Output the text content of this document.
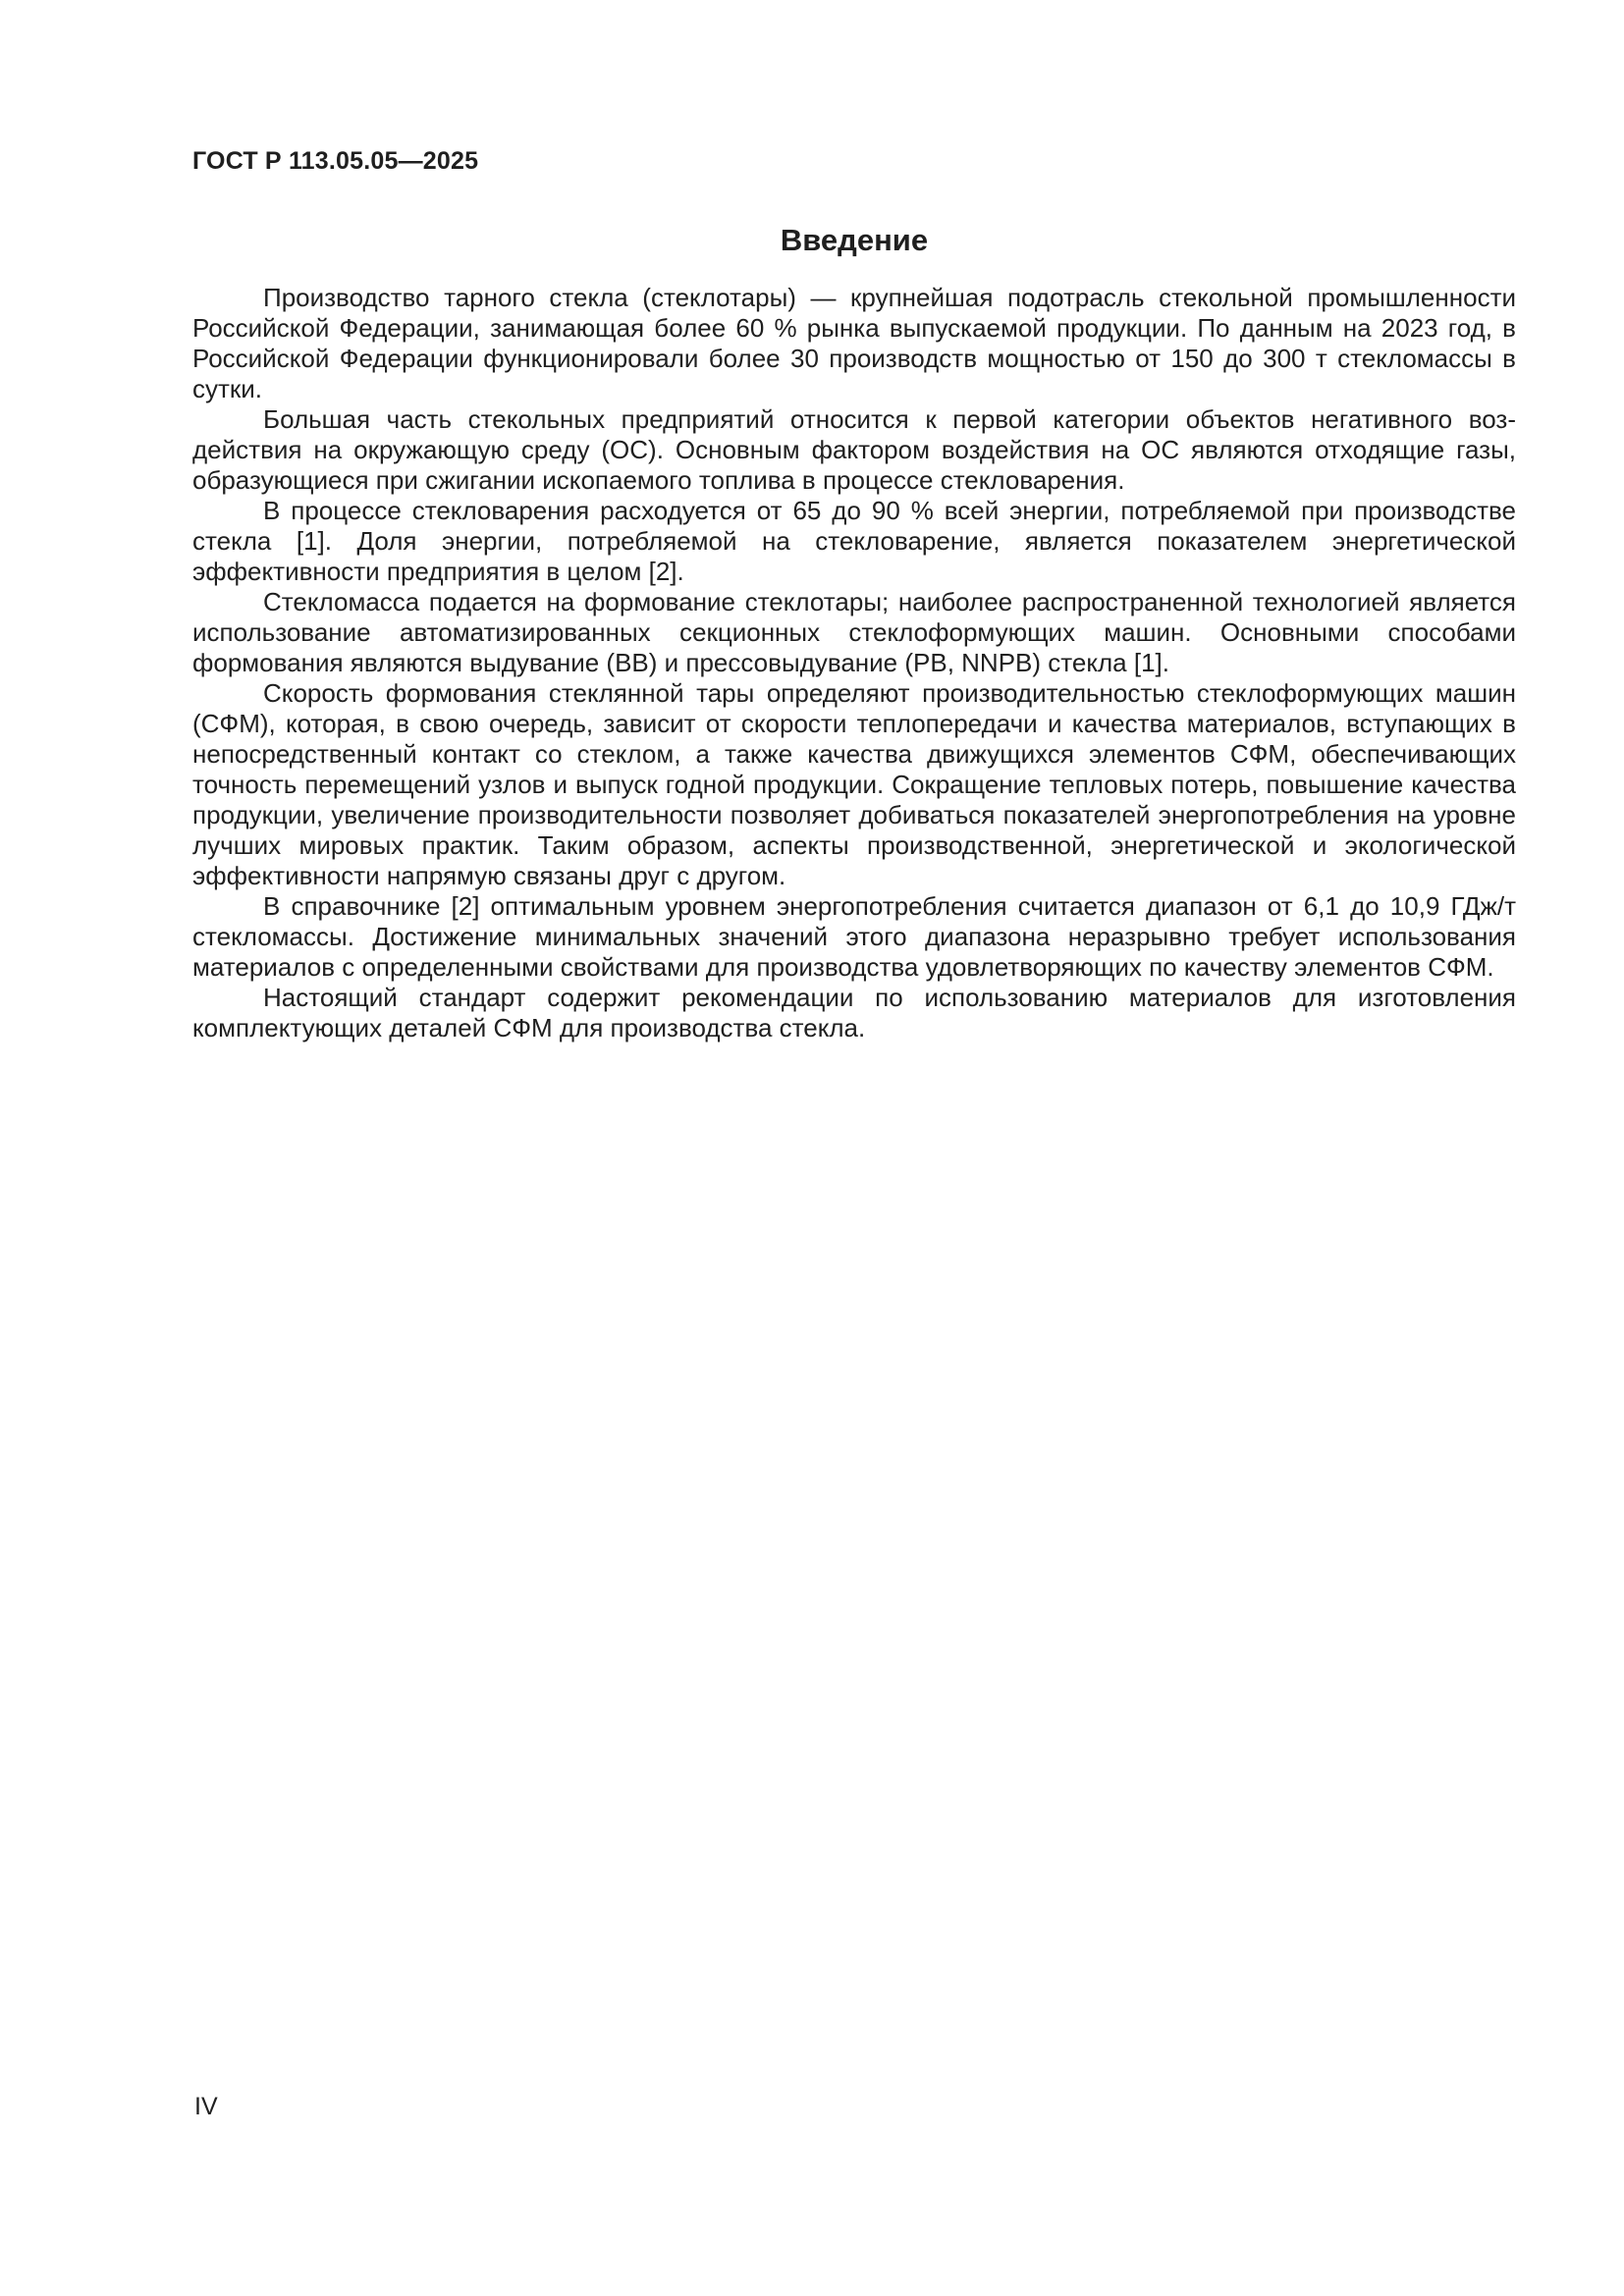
ГОСТ Р 113.05.05—2025
Введение

Производство тарного стекла (стеклотары) — крупнейшая подотрасль стекольной промышленности Российской Федерации, занимающая более 60 % рынка выпускаемой продукции. По данным на 2023 год, в Российской Федерации функционировали более 30 производств мощностью от 150 до 300 т стекломассы в сутки.

Большая часть стекольных предприятий относится к первой категории объектов негативного воздействия на окружающую среду (ОС). Основным фактором воздействия на ОС являются отходящие газы, образующиеся при сжигании ископаемого топлива в процессе стекловарения.

В процессе стекловарения расходуется от 65 до 90 % всей энергии, потребляемой при производстве стекла [1]. Доля энергии, потребляемой на стекловарение, является показателем энергетической эффективности предприятия в целом [2].

Стекломасса подается на формование стеклотары; наиболее распространенной технологией является использование автоматизированных секционных стеклоформующих машин. Основными способами формования являются выдувание (ВВ) и прессовыдувание (РВ, NNPB) стекла [1].

Скорость формования стеклянной тары определяют производительностью стеклоформующих машин (СФМ), которая, в свою очередь, зависит от скорости теплопередачи и качества материалов, вступающих в непосредственный контакт со стеклом, а также качества движущихся элементов СФМ, обеспечивающих точность перемещений узлов и выпуск годной продукции. Сокращение тепловых потерь, повышение качества продукции, увеличение производительности позволяет добиваться показателей энергопотребления на уровне лучших мировых практик. Таким образом, аспекты производственной, энергетической и экологической эффективности напрямую связаны друг с другом.

В справочнике [2] оптимальным уровнем энергопотребления считается диапазон от 6,1 до 10,9 ГДж/т стекломассы. Достижение минимальных значений этого диапазона неразрывно требует использования материалов с определенными свойствами для производства удовлетворяющих по качеству элементов СФМ.

Настоящий стандарт содержит рекомендации по использованию материалов для изготовления комплектующих деталей СФМ для производства стекла.

IV
